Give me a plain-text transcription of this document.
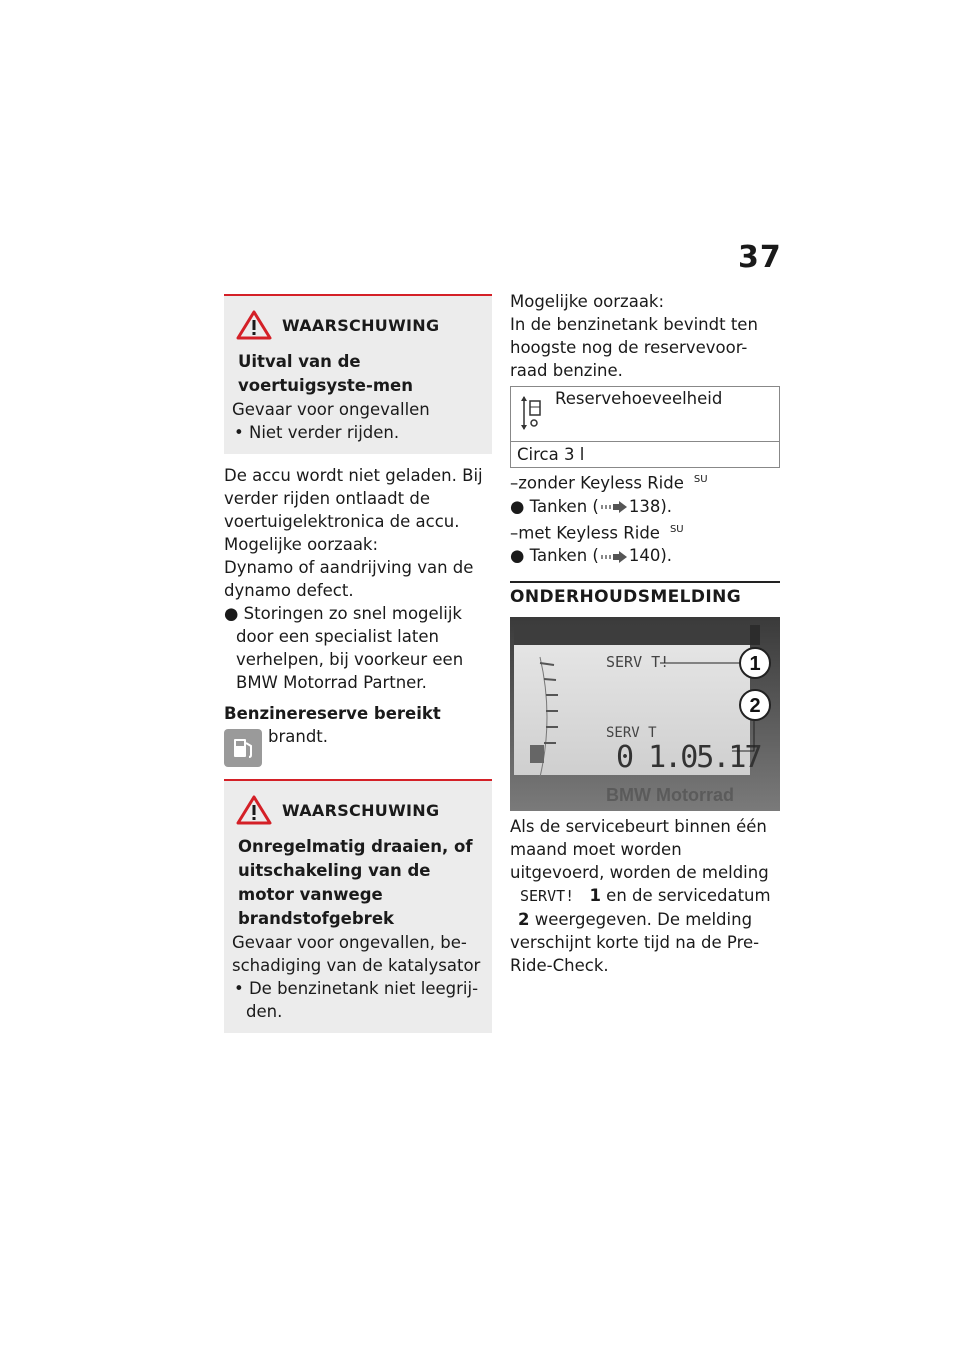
37
WAARSCHUWING
Uitval van de voertuigsyste-men
Gevaar voor ongevallen
• Niet verder rijden.
De accu wordt niet geladen. Bij verder rijden ontlaadt de voertuigelektronica de accu.
Mogelijke oorzaak:
Dynamo of aandrijving van de dynamo defect.
● Storingen zo snel mogelijk door een specialist laten verhelpen, bij voorkeur een BMW Motorrad Partner.
Benzinereserve bereikt
brandt.
WAARSCHUWING
Onregelmatig draaien, of uitschakeling van de motor vanwege brandstofgebrek
Gevaar voor ongevallen, be-schadiging van de katalysator
• De benzinetank niet leegrij-den.
Mogelijke oorzaak:
In de benzinetank bevindt ten hoogste nog de reservevoor-raad benzine.
Reservehoeveelheid
Circa 3 l
–zonder Keyless Ride $^{SU}$
● Tanken ( 138).
–met Keyless Ride $^{SU}$
● Tanken ( 140).
ONDERHOUDSMELDING
SERV T!
SERV T
0 1.05.17
1
2
BMW Motorrad
Als de servicebeurt binnen één maand moet worden uitgevoerd, worden de melding SERVT! 1 en de servicedatum 2 weergegeven. De melding verschijnt korte tijd na de Pre-Ride-Check.
